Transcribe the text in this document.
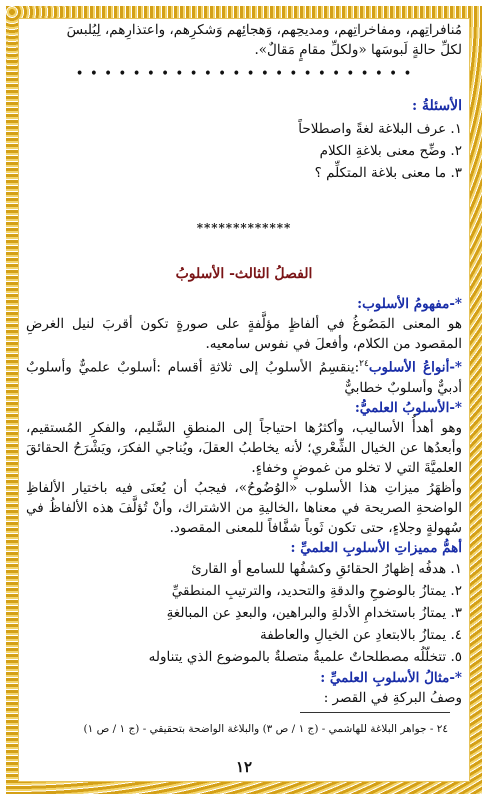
مُنافراتِهم، ومفاخراتِهم، ومديحِهم، وَهجائِهم وَشكرِهم، واعتذارِهم، لِيُلبسَ

لكلِّ حالةٍ لَبوسَها «ولكلِّ مقامٍ مَقالٌ».

• • • • • • • • • • • • • • • • • • • • • • • •
الأسئلةُ :
١. عرف البلاغة لغةً واصطلاحاً
٢. وضِّح معنى بلاغةِ الكلام
٣. ما معنى بلاغة المتكلِّم ؟
*************
الفصلُ الثالث- الأسلوبُ
*-مفهومُ الأسلوب:

هو المعنى المَصُوغُ في ألفاظٍ مؤلَّفةٍ على صورةٍ تكون أقربَ لنيل الغرضِ المقصود من الكلام، وأفعلَ في نفوس سامعيه.

*-أنواعُ الأسلوب$^{٢٤}$:ينقسِمُ الأسلوبُ إلى ثلاثةِ أقسام :أسلوبٌ علميٌّ وأسلوبٌ أدبيٌّ وأسلوبٌ خطابيٌّ

*-الأسلوبُ العلميُّ:

وهو أهدأُ الأساليب، وأكثرُها احتياجاً إلى المنطقِ السَّليم، والفكرِ المُستقيم، وأبعدُها عن الخيال الشِّعْري؛ لأنه يخاطبُ العقلَ، ويُناجي الفكرَ، ويَشْرَحُ الحقائقَ العلميَّةَ التي لا تخلو من غموضٍ وخفاءٍ.

وأظهَرُ ميزاتِ هذا الأسلوب «الوُضُوحُ»، فيجبُ أن يُعنَى فيه باختيار الألفاظِ الواضحةِ الصريحة في معناها ،الخاليةِ من الاشتراك، وأنْ تُؤلَّفَ هذه الألفاظُ في سُهولةٍ وجلاءٍ، حتى تكون ثَوباً شفَّافاً للمعنى المقصود.

أهمُّ مميزاتِ الأسلوبِ العلميِّ :
١. هدفُه إظهارُ الحقائقِ وكشفُها للسامع أو القارئ
٢. يمتازُ بالوضوحِ والدقةِ والتحديد، والترتيبِ المنطقيِّ
٣. يمتازُ باستخدامِ الأدلةِ والبراهين، والبعدِ عن المبالغةِ
٤. يمتازُ بالابتعادِ عن الخيالِ والعاطفة
٥. تتخلّلُه مصطلحاتٌ علميةٌ متصلةٌ بالموضوع الذي يتناوله
*-مثالُ الأسلوبِ العلميِّ :

وصفُ البركةِ في القصر :

٢٤ - جواهر البلاغة للهاشمي - (ج ١ / ص ٣) والبلاغة الواضحة بتحقيقي - (ج ١ / ص ١)
١٢
